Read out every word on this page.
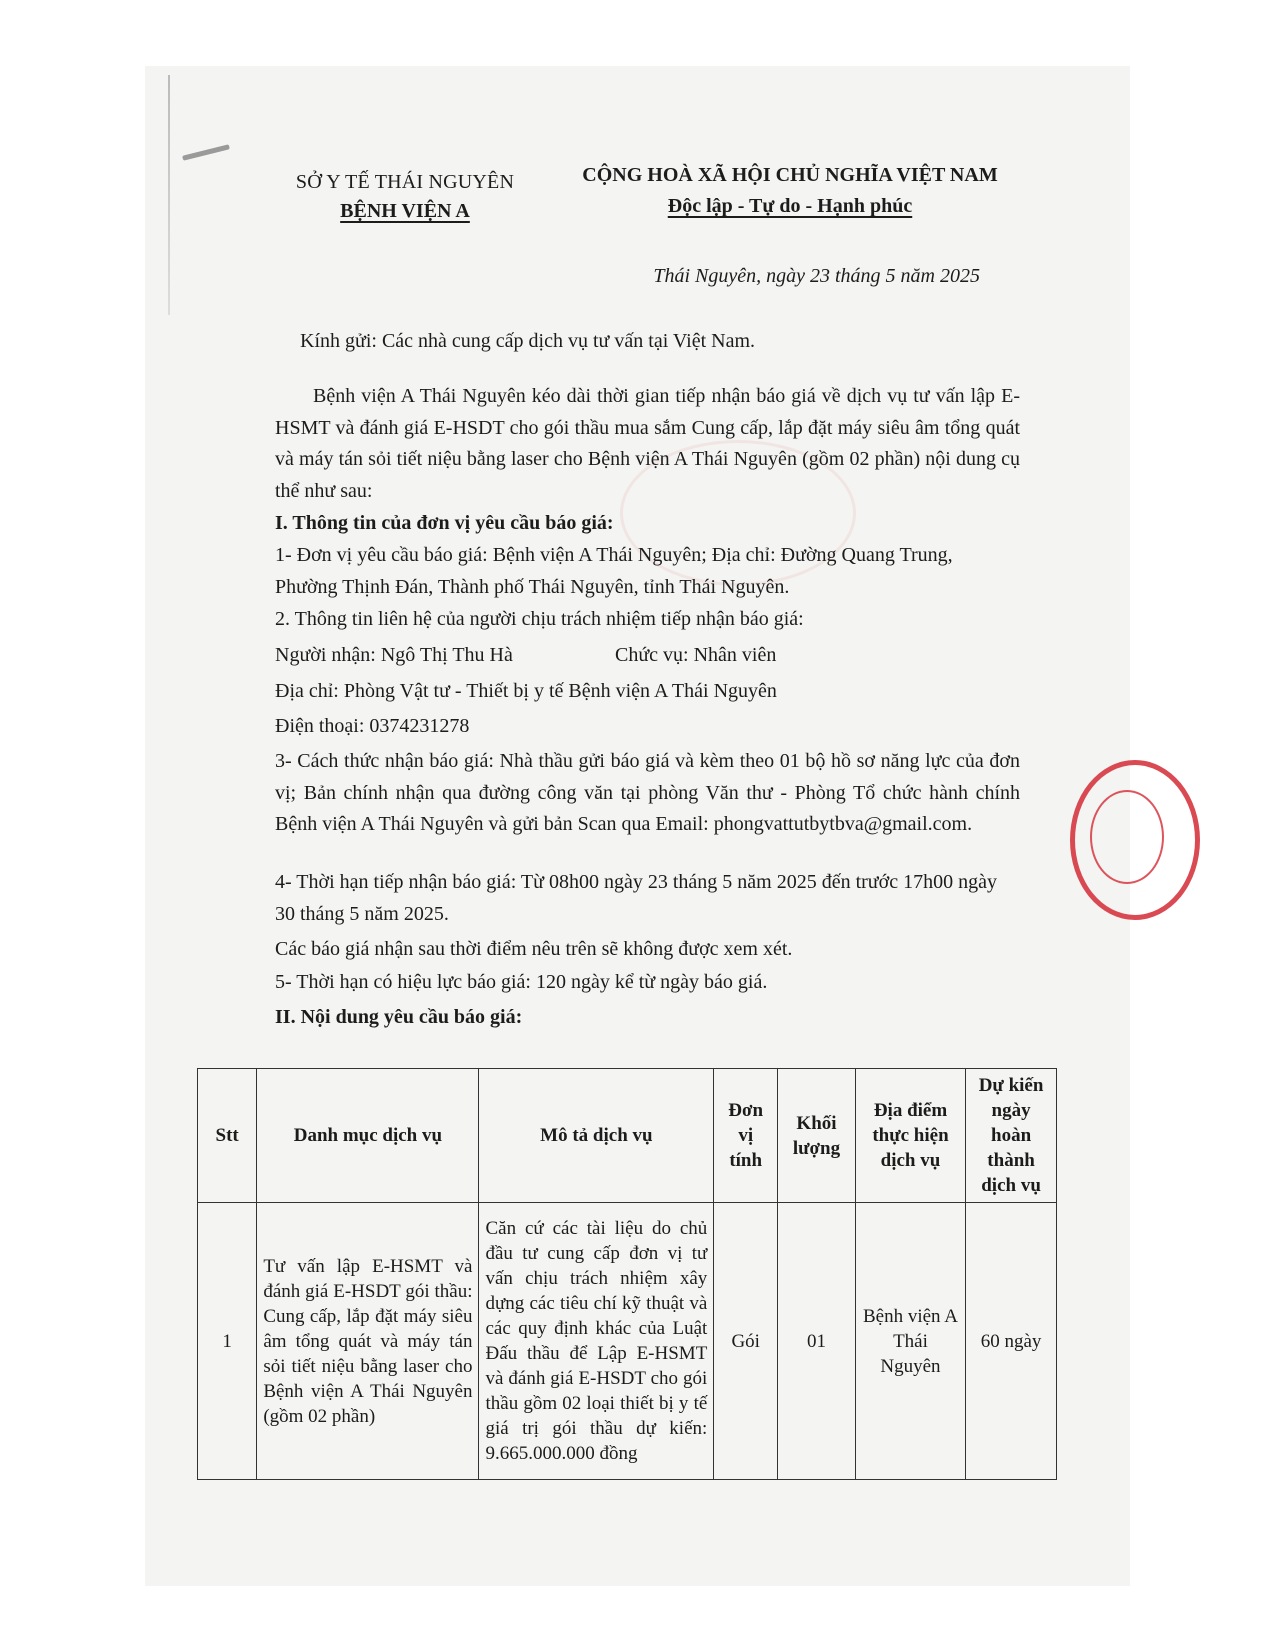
SỞ Y TẾ THÁI NGUYÊN
BỆNH VIỆN A
CỘNG HOÀ XÃ HỘI CHỦ NGHĨA VIỆT NAM
Độc lập - Tự do - Hạnh phúc
Thái Nguyên, ngày 23 tháng 5 năm 2025
Kính gửi: Các nhà cung cấp dịch vụ tư vấn tại Việt Nam.
Bệnh viện A Thái Nguyên kéo dài thời gian tiếp nhận báo giá về dịch vụ tư vấn lập E-HSMT và đánh giá E-HSDT cho gói thầu mua sắm Cung cấp, lắp đặt máy siêu âm tổng quát và máy tán sỏi tiết niệu bằng laser cho Bệnh viện A Thái Nguyên (gồm 02 phần) nội dung cụ thể như sau:
I. Thông tin của đơn vị yêu cầu báo giá:
1- Đơn vị yêu cầu báo giá: Bệnh viện A Thái Nguyên; Địa chỉ: Đường Quang Trung, Phường Thịnh Đán, Thành phố Thái Nguyên, tỉnh Thái Nguyên.
2. Thông tin liên hệ của người chịu trách nhiệm tiếp nhận báo giá:
Người nhận: Ngô Thị Thu Hà	Chức vụ: Nhân viên
Địa chỉ: Phòng Vật tư - Thiết bị y tế Bệnh viện A Thái Nguyên
Điện thoại: 0374231278
3- Cách thức nhận báo giá: Nhà thầu gửi báo giá và kèm theo 01 bộ hồ sơ năng lực của đơn vị; Bản chính nhận qua đường công văn tại phòng Văn thư - Phòng Tổ chức hành chính Bệnh viện A Thái Nguyên và gửi bản Scan qua Email: phongvattutbytbva@gmail.com.
4- Thời hạn tiếp nhận báo giá: Từ 08h00 ngày 23 tháng 5 năm 2025 đến trước 17h00 ngày 30 tháng 5 năm 2025.
Các báo giá nhận sau thời điểm nêu trên sẽ không được xem xét.
5- Thời hạn có hiệu lực báo giá: 120 ngày kể từ ngày báo giá.
II. Nội dung yêu cầu báo giá:
Stt	Danh mục dịch vụ	Mô tả dịch vụ	Đơn vị tính	Khối lượng	Địa điểm thực hiện dịch vụ	Dự kiến ngày hoàn thành dịch vụ
1	Tư vấn lập E-HSMT và đánh giá E-HSDT gói thầu: Cung cấp, lắp đặt máy siêu âm tổng quát và máy tán sỏi tiết niệu bằng laser cho Bệnh viện A Thái Nguyên (gồm 02 phần)	Căn cứ các tài liệu do chủ đầu tư cung cấp đơn vị tư vấn chịu trách nhiệm xây dựng các tiêu chí kỹ thuật và các quy định khác của Luật Đấu thầu để Lập E-HSMT và đánh giá E-HSDT cho gói thầu gồm 02 loại thiết bị y tế giá trị gói thầu dự kiến: 9.665.000.000 đồng	Gói	01	Bệnh viện A Thái Nguyên	60 ngày
